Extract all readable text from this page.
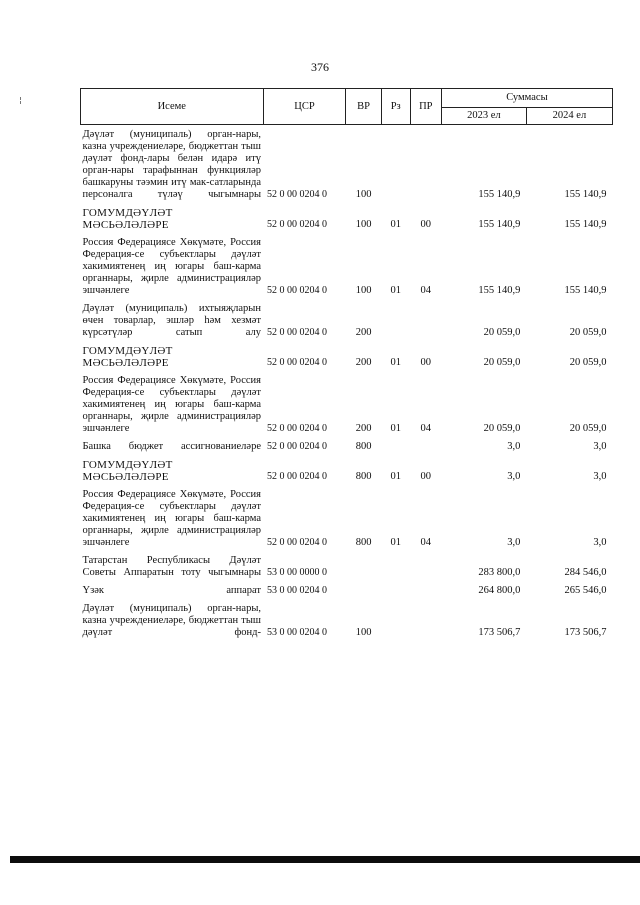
376
Исеме	ЦСР	ВР	Рз	ПР	Суммасы	
					2023 ел	2024 ел
Дәүләт (муниципаль) орган-нары, казна учреждениеләре, бюджеттан тыш дәүләт фонд-лары белән идарә итү орган-нары тарафыннан функцияләр башкаруны тәэмин итү мак-сатларында персоналга түләү чыгымнары	52 0 00 0204 0	100			155 140,9	155 140,9
ГОМУМДӘҮЛӘТ МӘСЬӘЛӘЛӘРЕ	52 0 00 0204 0	100	01	00	155 140,9	155 140,9
Россия Федерациясе Хөкүмәте, Россия Федерация-се субъектлары дәүләт хакимиятенең иң югары баш-карма органнары, җирле администрацияләр эшчәнлеге	52 0 00 0204 0	100	01	04	155 140,9	155 140,9
Дәүләт (муниципаль) ихтыяҗларын өчен товарлар, эшләр һәм хезмәт күрсәтүләр сатып алу	52 0 00 0204 0	200			20 059,0	20 059,0
ГОМУМДӘҮЛӘТ МӘСЬӘЛӘЛӘРЕ	52 0 00 0204 0	200	01	00	20 059,0	20 059,0
Россия Федерациясе Хөкүмәте, Россия Федерация-се субъектлары дәүләт хакимиятенең иң югары баш-карма органнары, җирле администрацияләр эшчәнлеге	52 0 00 0204 0	200	01	04	20 059,0	20 059,0
Башка бюджет ассигнованиеләре	52 0 00 0204 0	800			3,0	3,0
ГОМУМДӘҮЛӘТ МӘСЬӘЛӘЛӘРЕ	52 0 00 0204 0	800	01	00	3,0	3,0
Россия Федерациясе Хөкүмәте, Россия Федерация-се субъектлары дәүләт хакимиятенең иң югары баш-карма органнары, җирле администрацияләр эшчәнлеге	52 0 00 0204 0	800	01	04	3,0	3,0
Татарстан Республикасы Дәүләт Советы Аппаратын тоту чыгымнары	53 0 00 0000 0				283 800,0	284 546,0
Үзәк аппарат	53 0 00 0204 0				264 800,0	265 546,0
Дәүләт (муниципаль) орган-нары, казна учреждениеләре, бюджеттан тыш дәүләт фонд-	53 0 00 0204 0	100			173 506,7	173 506,7
